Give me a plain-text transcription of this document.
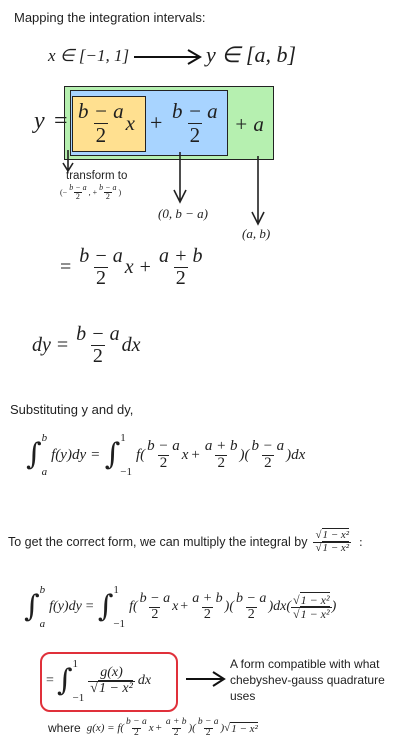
Mapping the integration intervals:
x ∈ [−1, 1]	y ∈ [a, b]
$y = \frac{b - a}{2}$ $x + \frac{b - a}{2} + a$
transform to
(− $\frac{b - a}{2}$ , + $\frac{b - a}{2}$ )
(0, b − a)
(a, b)
= $\frac{b - a}{2}$ $x + \frac{a + b}{2}$
dy = $\frac{b - a}{2}$ dx
Substituting y and dy,
∫ b
a
f(y)dy = ∫ 1
−1
$f( \frac{b - a}{2}$ $x + \frac{a + b}{2}$ )( $\frac{b - a}{2} )dx$
To get the correct form, we can multiply the integral by $\frac{\text{√1 − x²}}{\text{√1 − x²}}$ :
∫ b
a
f(y)dy = ∫ 1
−1
$f( \frac{b - a}{2}$ $x + \frac{a + b}{2}$ )( $\frac{b - a}{2} )dx( \frac{\text{√1 − x²}}{\text{√1 − x²}}$ )
= ∫ 1
−1
$\frac{g(x)}{\text{√1 − x²}}$ dx
A form compatible with what chebyshev-gauss quadrature uses
where $g(x) = f( \frac{b - a}{2}$ $x + \frac{a + b}{2}$ )( $\frac{b - a}{2}$ ) √ 1 − x²
